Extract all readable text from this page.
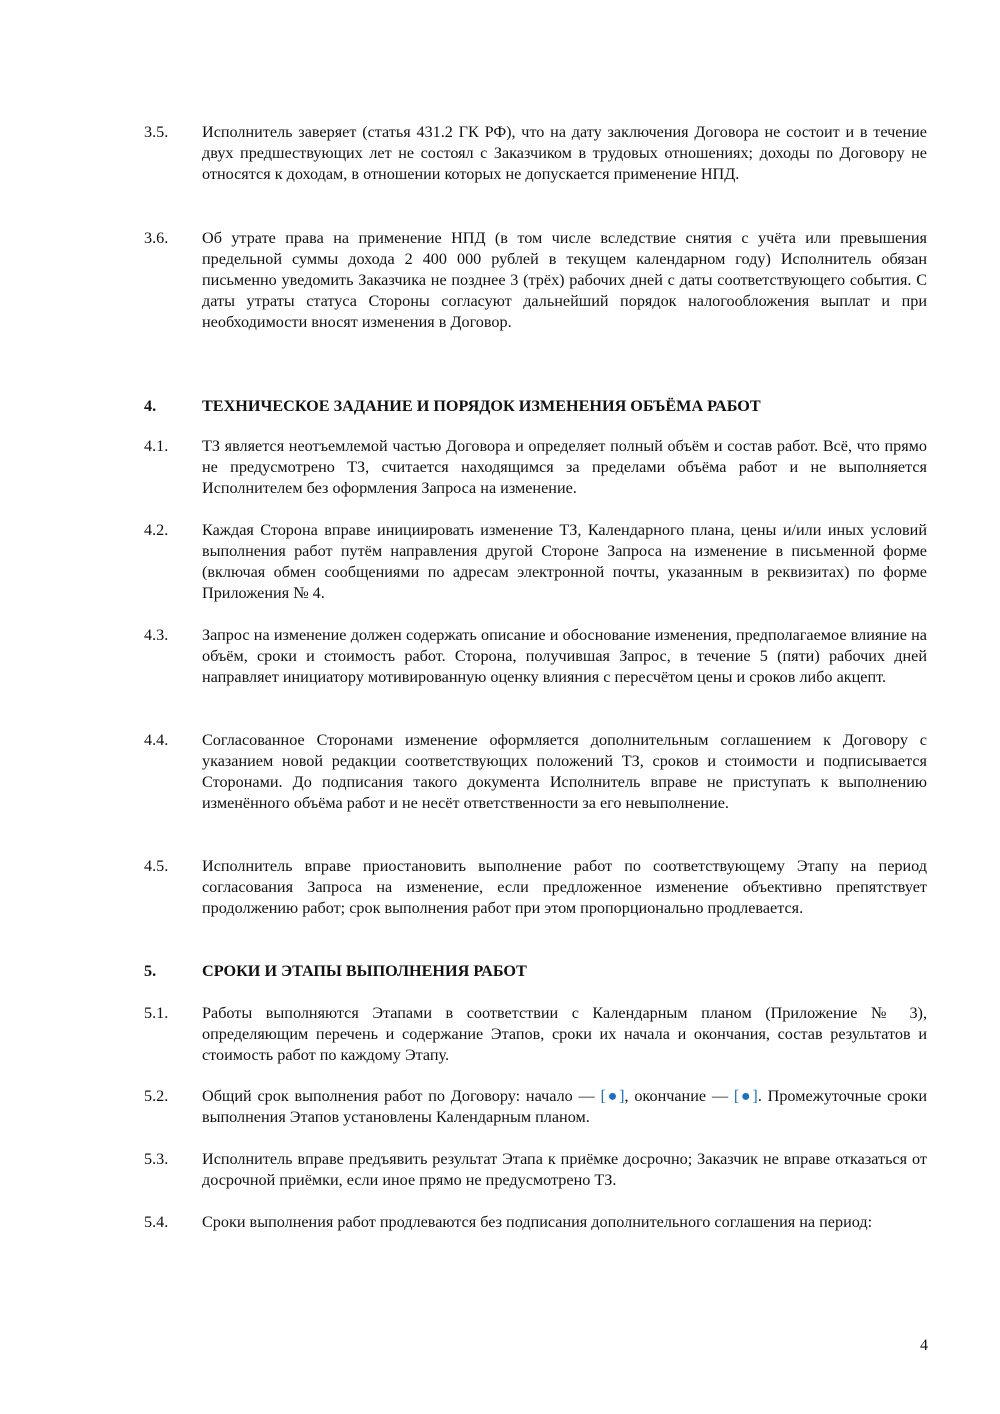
3.5.	Исполнитель заверяет (статья 431.2 ГК РФ), что на дату заключения Договора не состоит и в течение двух предшествующих лет не состоял с Заказчиком в трудовых отношениях; доходы по Договору не относятся к доходам, в отношении которых не допускается применение НПД.
3.6.	Об утрате права на применение НПД (в том числе вследствие снятия с учёта или превышения предельной суммы дохода 2 400 000 рублей в текущем календарном году) Исполнитель обязан письменно уведомить Заказчика не позднее 3 (трёх) рабочих дней с даты соответствующего события. С даты утраты статуса Стороны согласуют дальнейший порядок налогообложения выплат и при необходимости вносят изменения в Договор.
4.	ТЕХНИЧЕСКОЕ ЗАДАНИЕ И ПОРЯДОК ИЗМЕНЕНИЯ ОБЪЁМА РАБОТ
4.1.	ТЗ является неотъемлемой частью Договора и определяет полный объём и состав работ. Всё, что прямо не предусмотрено ТЗ, считается находящимся за пределами объёма работ и не выполняется Исполнителем без оформления Запроса на изменение.
4.2.	Каждая Сторона вправе инициировать изменение ТЗ, Календарного плана, цены и/или иных условий выполнения работ путём направления другой Стороне Запроса на изменение в письменной форме (включая обмен сообщениями по адресам электронной почты, указанным в реквизитах) по форме Приложения № 4.
4.3.	Запрос на изменение должен содержать описание и обоснование изменения, предполагаемое влияние на объём, сроки и стоимость работ. Сторона, получившая Запрос, в течение 5 (пяти) рабочих дней направляет инициатору мотивированную оценку влияния с пересчётом цены и сроков либо акцепт.
4.4.	Согласованное Сторонами изменение оформляется дополнительным соглашением к Договору с указанием новой редакции соответствующих положений ТЗ, сроков и стоимости и подписывается Сторонами. До подписания такого документа Исполнитель вправе не приступать к выполнению изменённого объёма работ и не несёт ответственности за его невыполнение.
4.5.	Исполнитель вправе приостановить выполнение работ по соответствующему Этапу на период согласования Запроса на изменение, если предложенное изменение объективно препятствует продолжению работ; срок выполнения работ при этом пропорционально продлевается.
5.	СРОКИ И ЭТАПЫ ВЫПОЛНЕНИЯ РАБОТ
5.1.	Работы выполняются Этапами в соответствии с Календарным планом (Приложение № 3), определяющим перечень и содержание Этапов, сроки их начала и окончания, состав результатов и стоимость работ по каждому Этапу.
5.2.	Общий срок выполнения работ по Договору: начало — [●], окончание — [●]. Промежуточные сроки выполнения Этапов установлены Календарным планом.
5.3.	Исполнитель вправе предъявить результат Этапа к приёмке досрочно; Заказчик не вправе отказаться от досрочной приёмки, если иное прямо не предусмотрено ТЗ.
5.4.	Сроки выполнения работ продлеваются без подписания дополнительного соглашения на период:
4
